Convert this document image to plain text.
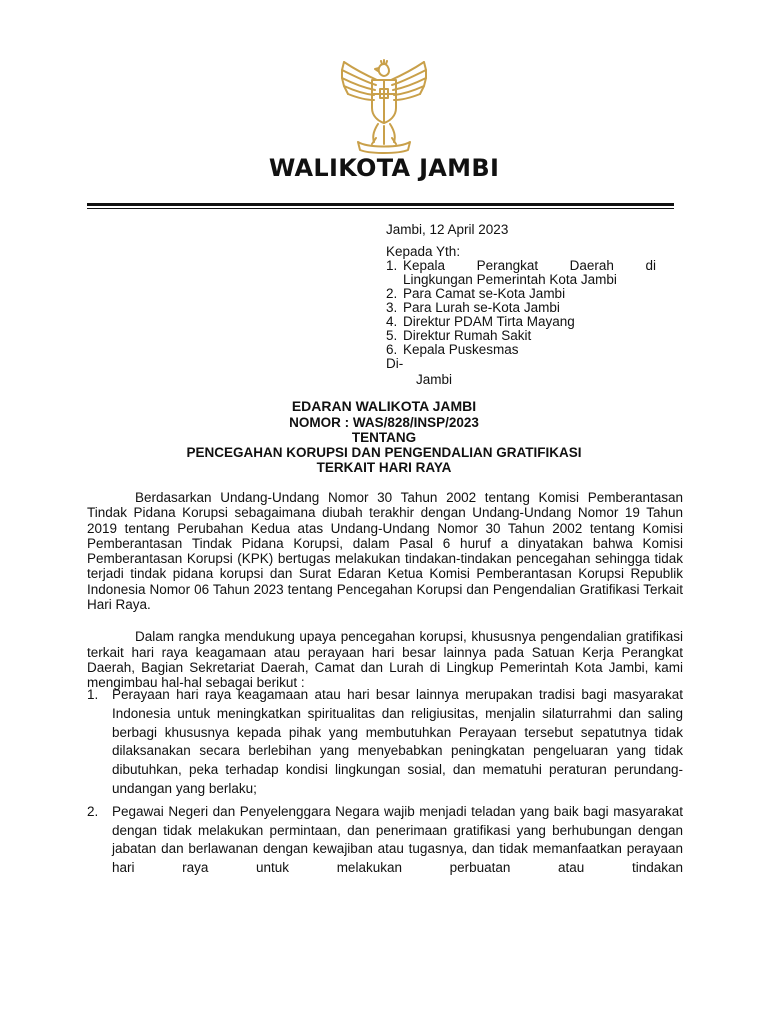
WALIKOTA JAMBI
Jambi, 12 April 2023
Kepada Yth:
1. Kepala Perangkat Daerah di
Lingkungan Pemerintah Kota Jambi
2. Para Camat se-Kota Jambi
3. Para Lurah se-Kota Jambi
4. Direktur PDAM Tirta Mayang
5. Direktur Rumah Sakit
6. Kepala Puskesmas
Di-
Jambi
EDARAN WALIKOTA JAMBI
NOMOR : WAS/828/INSP/2023
TENTANG
PENCEGAHAN KORUPSI DAN PENGENDALIAN GRATIFIKASI
TERKAIT HARI RAYA

Berdasarkan Undang-Undang Nomor 30 Tahun 2002 tentang Komisi Pemberantasan Tindak Pidana Korupsi sebagaimana diubah terakhir dengan Undang-Undang Nomor 19 Tahun 2019 tentang Perubahan Kedua atas Undang-Undang Nomor 30 Tahun 2002 tentang Komisi Pemberantasan Tindak Pidana Korupsi, dalam Pasal 6 huruf a dinyatakan bahwa Komisi Pemberantasan Korupsi (KPK) bertugas melakukan tindakan-tindakan pencegahan sehingga tidak terjadi tindak pidana korupsi dan Surat Edaran Ketua Komisi Pemberantasan Korupsi Republik Indonesia Nomor 06 Tahun 2023 tentang Pencegahan Korupsi dan Pengendalian Gratifikasi Terkait Hari Raya.

Dalam rangka mendukung upaya pencegahan korupsi, khususnya pengendalian gratifikasi terkait hari raya keagamaan atau perayaan hari besar lainnya pada Satuan Kerja Perangkat Daerah, Bagian Sekretariat Daerah, Camat dan Lurah di Lingkup Pemerintah Kota Jambi, kami mengimbau hal-hal sebagai berikut :

1.	Perayaan hari raya keagamaan atau hari besar lainnya merupakan tradisi bagi masyarakat Indonesia untuk meningkatkan spiritualitas dan religiusitas, menjalin silaturrahmi dan saling berbagi khususnya kepada pihak yang membutuhkan Perayaan tersebut sepatutnya tidak dilaksanakan secara berlebihan yang menyebabkan peningkatan pengeluaran yang tidak dibutuhkan, peka terhadap kondisi lingkungan sosial, dan mematuhi peraturan perundang-undangan yang berlaku;
2.	Pegawai Negeri dan Penyelenggara Negara wajib menjadi teladan yang baik bagi masyarakat dengan tidak melakukan permintaan, dan penerimaan gratifikasi yang berhubungan dengan jabatan dan berlawanan dengan kewajiban atau tugasnya, dan tidak memanfaatkan perayaan hari raya untuk melakukan perbuatan atau tindakan
